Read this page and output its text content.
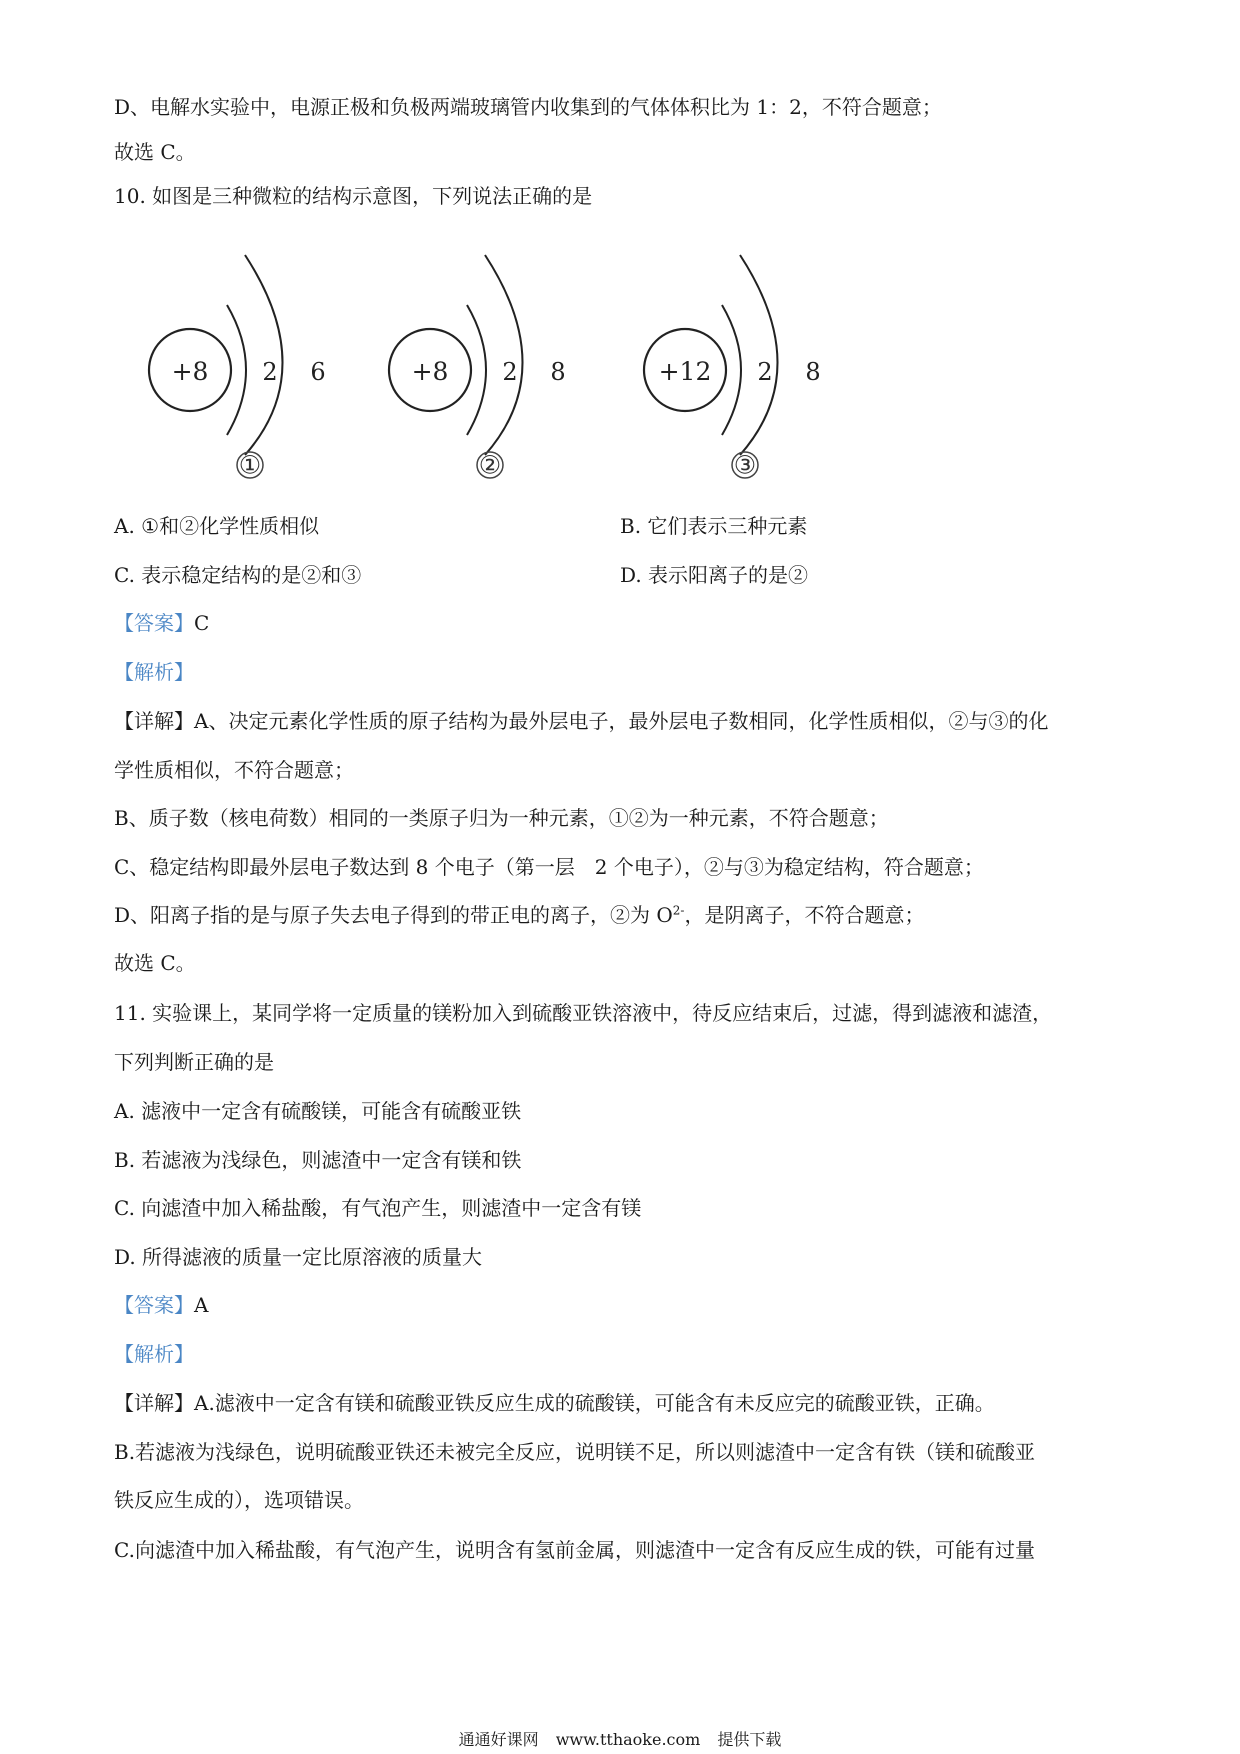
D、电解水实验中，电源正极和负极两端玻璃管内收集到的气体体积比为 1：2，不符合题意；
故选 C。
10. 如图是三种微粒的结构示意图，下列说法正确的是
+8 2 6
①
+8 2 8
②
+12 2 8
③
A. ①和②化学性质相似	B. 它们表示三种元素
C. 表示稳定结构的是②和③	D. 表示阳离子的是②
【答案】C
【解析】
【详解】A、决定元素化学性质的原子结构为最外层电子，最外层电子数相同，化学性质相似，②与③的化
学性质相似，不符合题意；
B、质子数（核电荷数）相同的一类原子归为一种元素，①②为一种元素，不符合题意；
C、稳定结构即最外层电子数达到 8 个电子（第一层　2 个电子），②与③为稳定结构，符合题意；
D、阳离子指的是与原子失去电子得到的带正电的离子，②为 $O^{2-}$，是阴离子，不符合题意；
故选 C。
11. 实验课上，某同学将一定质量的镁粉加入到硫酸亚铁溶液中，待反应结束后，过滤，得到滤液和滤渣，
下列判断正确的是
A. 滤液中一定含有硫酸镁，可能含有硫酸亚铁
B. 若滤液为浅绿色，则滤渣中一定含有镁和铁
C. 向滤渣中加入稀盐酸，有气泡产生，则滤渣中一定含有镁
D. 所得滤液的质量一定比原溶液的质量大
【答案】A
【解析】
【详解】A.滤液中一定含有镁和硫酸亚铁反应生成的硫酸镁，可能含有未反应完的硫酸亚铁，正确。
B.若滤液为浅绿色，说明硫酸亚铁还未被完全反应，说明镁不足，所以则滤渣中一定含有铁（镁和硫酸亚
铁反应生成的），选项错误。
C.向滤渣中加入稀盐酸，有气泡产生，说明含有氢前金属，则滤渣中一定含有反应生成的铁，可能有过量
通通好课网 www.tthaoke.com 提供下载
